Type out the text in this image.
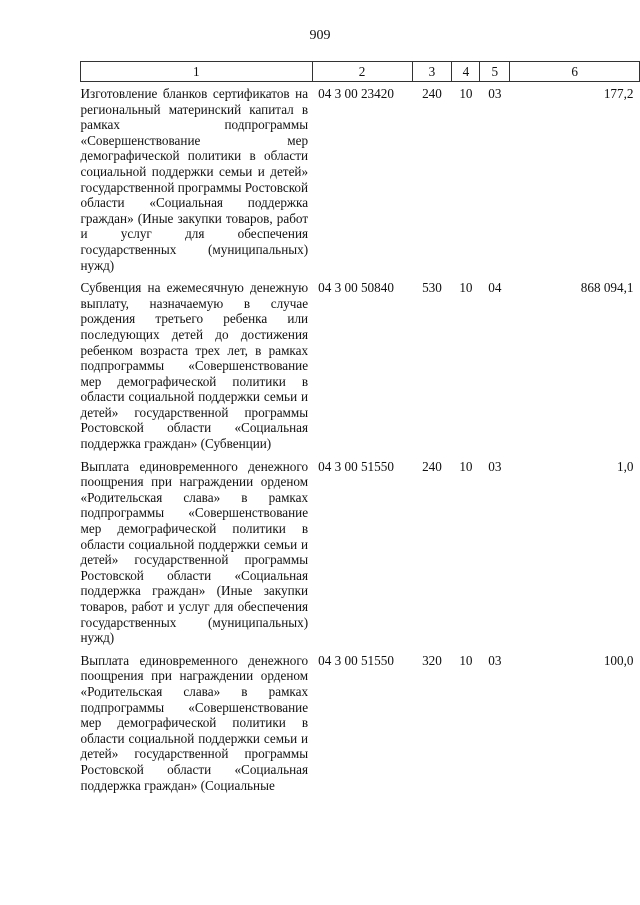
909
1	2	3	4	5	6
Изготовление бланков сертификатов на региональный материнский капитал в рамках подпрограммы «Совершенствование мер демографической политики в области социальной поддержки семьи и детей» государственной программы Ростовской области «Социальная поддержка граждан» (Иные закупки товаров, работ и услуг для обеспечения государственных (муниципальных) нужд)	04 3 00 23420	240	10	03	177,2
Субвенция на ежемесячную денежную выплату, назначаемую в случае рождения третьего ребенка или последующих детей до достижения ребенком возраста трех лет, в рамках подпрограммы «Совершенствование мер демографической политики в области социальной поддержки семьи и детей» государственной программы Ростовской области «Социальная поддержка граждан» (Субвенции)	04 3 00 50840	530	10	04	868 094,1
Выплата единовременного денежного поощрения при награждении орденом «Родительская слава» в рамках подпрограммы «Совершенствование мер демографической политики в области социальной поддержки семьи и детей» государственной программы Ростовской области «Социальная поддержка граждан» (Иные закупки товаров, работ и услуг для обеспечения государственных (муниципальных) нужд)	04 3 00 51550	240	10	03	1,0
Выплата единовременного денежного поощрения при награждении орденом «Родительская слава» в рамках подпрограммы «Совершенствование мер демографической политики в области социальной поддержки семьи и детей» государственной программы Ростовской области «Социальная поддержка граждан» (Социальные	04 3 00 51550	320	10	03	100,0
